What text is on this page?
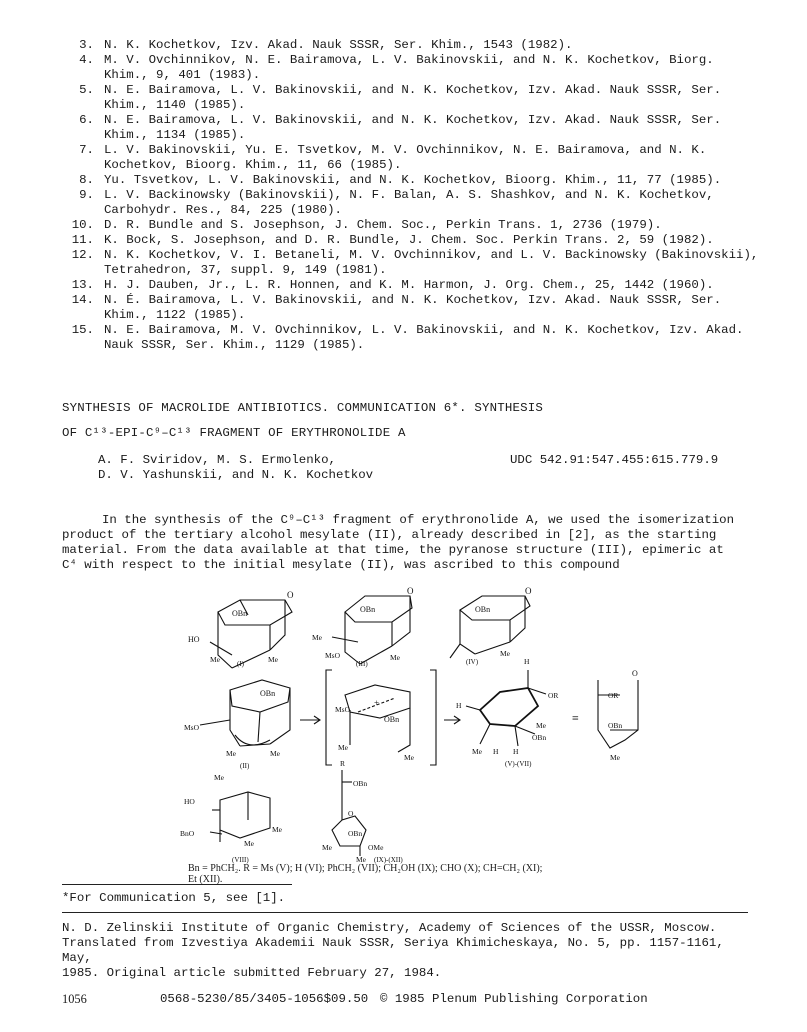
3. N. K. Kochetkov, Izv. Akad. Nauk SSSR, Ser. Khim., 1543 (1982).

4. M. V. Ovchinnikov, N. E. Bairamova, L. V. Bakinovskii, and N. K. Kochetkov, Biorg.

Khim., 9, 401 (1983).

5. N. E. Bairamova, L. V. Bakinovskii, and N. K. Kochetkov, Izv. Akad. Nauk SSSR, Ser.

Khim., 1140 (1985).

6. N. E. Bairamova, L. V. Bakinovskii, and N. K. Kochetkov, Izv. Akad. Nauk SSSR, Ser.

Khim., 1134 (1985).

7. L. V. Bakinovskii, Yu. E. Tsvetkov, M. V. Ovchinnikov, N. E. Bairamova, and N. K.

Kochetkov, Bioorg. Khim., 11, 66 (1985).

8. Yu. Tsvetkov, L. V. Bakinovskii, and N. K. Kochetkov, Bioorg. Khim., 11, 77 (1985).

9. L. V. Backinowsky (Bakinovskii), N. F. Balan, A. S. Shashkov, and N. K. Kochetkov,

Carbohydr. Res., 84, 225 (1980).

10. D. R. Bundle and S. Josephson, J. Chem. Soc., Perkin Trans. 1, 2736 (1979).

11. K. Bock, S. Josephson, and D. R. Bundle, J. Chem. Soc. Perkin Trans. 2, 59 (1982).

12. N. K. Kochetkov, V. I. Betaneli, M. V. Ovchinnikov, and L. V. Backinowsky (Bakinovskii),

Tetrahedron, 37, suppl. 9, 149 (1981).

13. H. J. Dauben, Jr., L. R. Honnen, and K. M. Harmon, J. Org. Chem., 25, 1442 (1960).

14. N. É. Bairamova, L. V. Bakinovskii, and N. K. Kochetkov, Izv. Akad. Nauk SSSR, Ser.

Khim., 1122 (1985).

15. N. E. Bairamova, M. V. Ovchinnikov, L. V. Bakinovskii, and N. K. Kochetkov, Izv. Akad.

Nauk SSSR, Ser. Khim., 1129 (1985).

SYNTHESIS OF MACROLIDE ANTIBIOTICS. COMMUNICATION 6*. SYNTHESIS

OF C¹³-EPI-C⁹–C¹³ FRAGMENT OF ERYTHRONOLIDE A

A. F. Sviridov, M. S. Ermolenko,

D. V. Yashunskii, and N. K. Kochetkov

UDC 542.91:547.455:615.779.9

In the synthesis of the C⁹–C¹³ fragment of erythronolide A, we used the isomerization

product of the tertiary alcohol mesylate (II), already described in [2], as the starting
material. From the data available at that time, the pyranose structure (III), epimeric at
C⁴ with respect to the initial mesylate (II), was ascribed to this compound
O
OBn
HO
Me	Me
(I)
O
OBn
Me
MsO	Me
(III)
O
OBn
Me
(IV)
OBn
MsO
Me	Me
(II)
MsO
+
OBn
Me
Me
H
OR
H
Me
OBn
Me H H
(V)-(VII)
≡
O
OR
OBn
Me
Me
HO
BnO	Me
Me
(VIII)
R
OBn
O
OBn
Me	OMe
Me (IX)-(XII)
Bn = PhCH₂. R = Ms (V); H (VI); PhCH₂ (VII); CH₂OH (IX); CHO (X); CH=CH₂ (XI);
Et (XII).
*For Communication 5, see [1].

N. D. Zelinskii Institute of Organic Chemistry, Academy of Sciences of the USSR, Moscow.

Translated from Izvestiya Akademii Nauk SSSR, Seriya Khimicheskaya, No. 5, pp. 1157-1161, May,

1985. Original article submitted February 27, 1984.

1056	0568-5230/85/3405-1056$09.50 © 1985 Plenum Publishing Corporation
